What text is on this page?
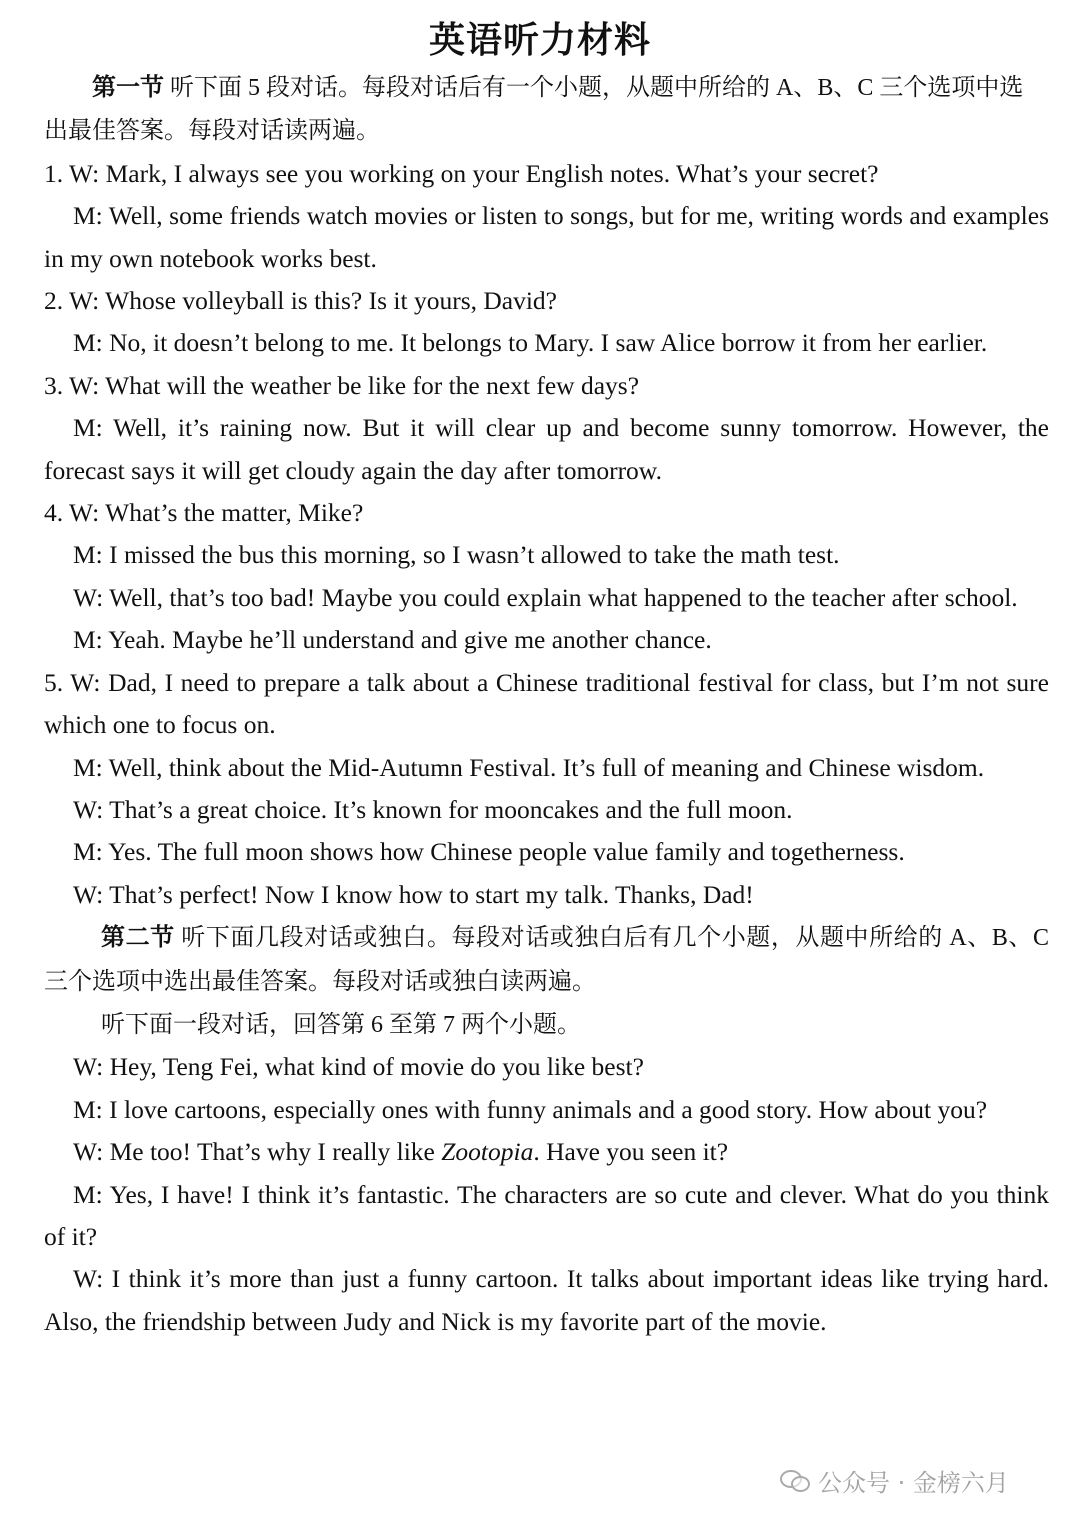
英语听力材料

第一节 听下面 5 段对话。每段对话后有一个小题，从题中所给的 A、B、C 三个选项中选

出最佳答案。每段对话读两遍。

1. W: Mark, I always see you working on your English notes. What’s your secret?

M: Well, some friends watch movies or listen to songs, but for me, writing words and examples in my own notebook works best.

2. W: Whose volleyball is this? Is it yours, David?

M: No, it doesn’t belong to me. It belongs to Mary. I saw Alice borrow it from her earlier.

3. W: What will the weather be like for the next few days?

M: Well, it’s raining now. But it will clear up and become sunny tomorrow. However, the forecast says it will get cloudy again the day after tomorrow.

4. W: What’s the matter, Mike?

M: I missed the bus this morning, so I wasn’t allowed to take the math test.

W: Well, that’s too bad! Maybe you could explain what happened to the teacher after school.

M: Yeah. Maybe he’ll understand and give me another chance.

5. W: Dad, I need to prepare a talk about a Chinese traditional festival for class, but I’m not sure which one to focus on.

M: Well, think about the Mid-Autumn Festival. It’s full of meaning and Chinese wisdom.

W: That’s a great choice. It’s known for mooncakes and the full moon.

M: Yes. The full moon shows how Chinese people value family and togetherness.

W: That’s perfect! Now I know how to start my talk. Thanks, Dad!

第二节 听下面几段对话或独白。每段对话或独白后有几个小题，从题中所给的 A、B、C 三个选项中选出最佳答案。每段对话或独白读两遍。

听下面一段对话，回答第 6 至第 7 两个小题。

W: Hey, Teng Fei, what kind of movie do you like best?

M: I love cartoons, especially ones with funny animals and a good story. How about you?

W: Me too! That’s why I really like Zootopia. Have you seen it?

M: Yes, I have! I think it’s fantastic. The characters are so cute and clever. What do you think of it?

W: I think it’s more than just a funny cartoon. It talks about important ideas like trying hard. Also, the friendship between Judy and Nick is my favorite part of the movie.

公众号 · 金榜六月
